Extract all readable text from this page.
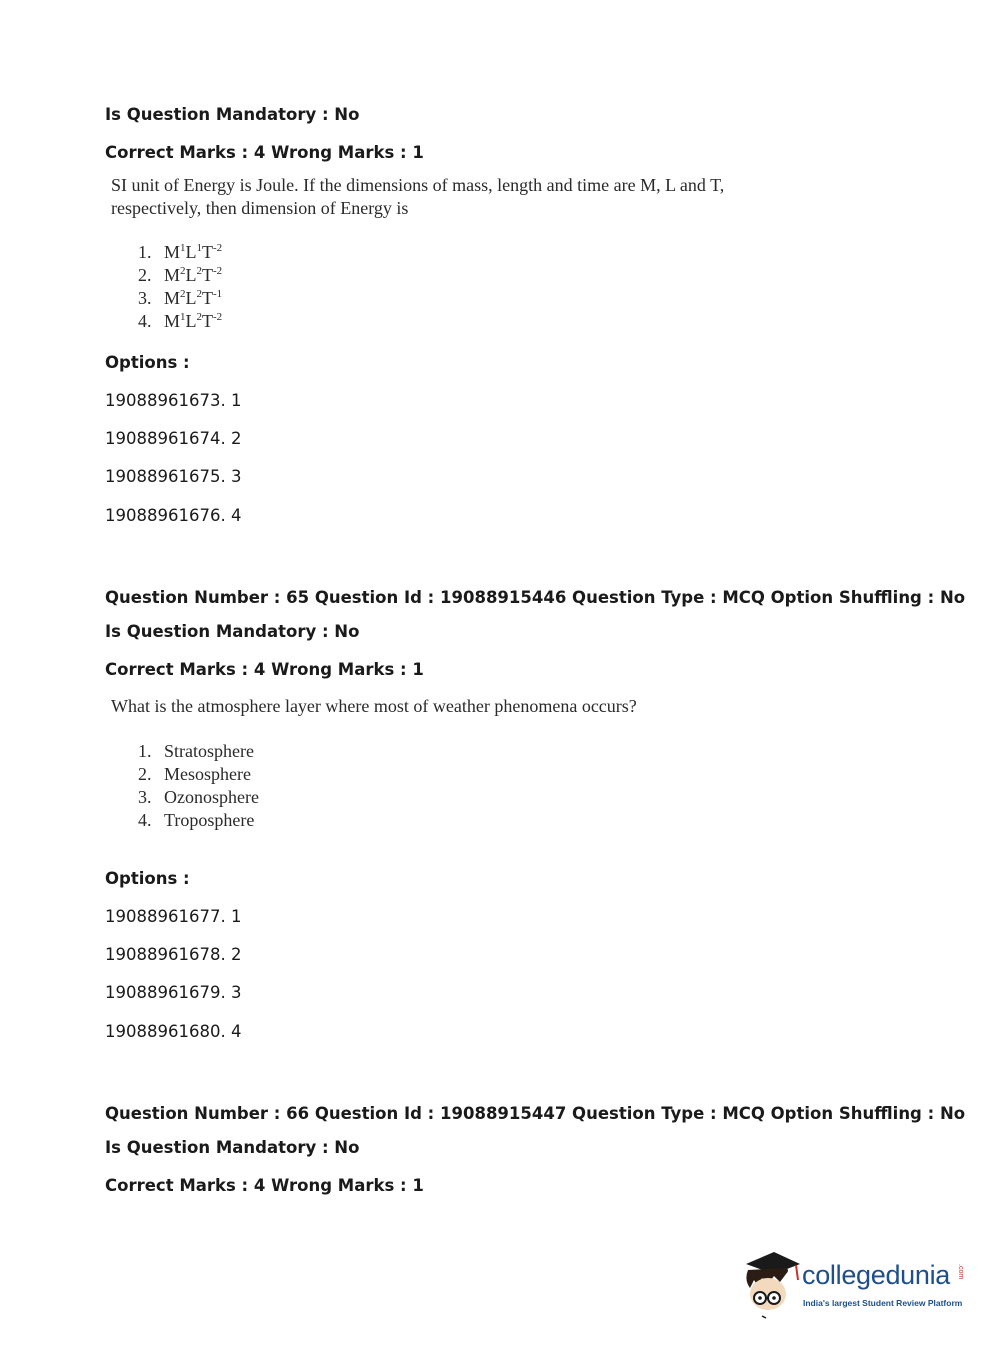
Is Question Mandatory : No
Correct Marks : 4 Wrong Marks : 1
SI unit of Energy is Joule. If the dimensions of mass, length and time are M, L and T,
respectively, then dimension of Energy is
1. $M^1L^1T^{-2}$
2. $M^2L^2T^{-2}$
3. $M^2L^2T^{-1}$
4. $M^1L^2T^{-2}$
Options :
19088961673. 1
19088961674. 2
19088961675. 3
19088961676. 4
Question Number : 65 Question Id : 19088915446 Question Type : MCQ Option Shuffling : No
Is Question Mandatory : No
Correct Marks : 4 Wrong Marks : 1
What is the atmosphere layer where most of weather phenomena occurs?
1. Stratosphere
2. Mesosphere
3. Ozonosphere
4. Troposphere
Options :
19088961677. 1
19088961678. 2
19088961679. 3
19088961680. 4
Question Number : 66 Question Id : 19088915447 Question Type : MCQ Option Shuffling : No
Is Question Mandatory : No
Correct Marks : 4 Wrong Marks : 1
collegedunia .com
India's largest Student Review Platform
